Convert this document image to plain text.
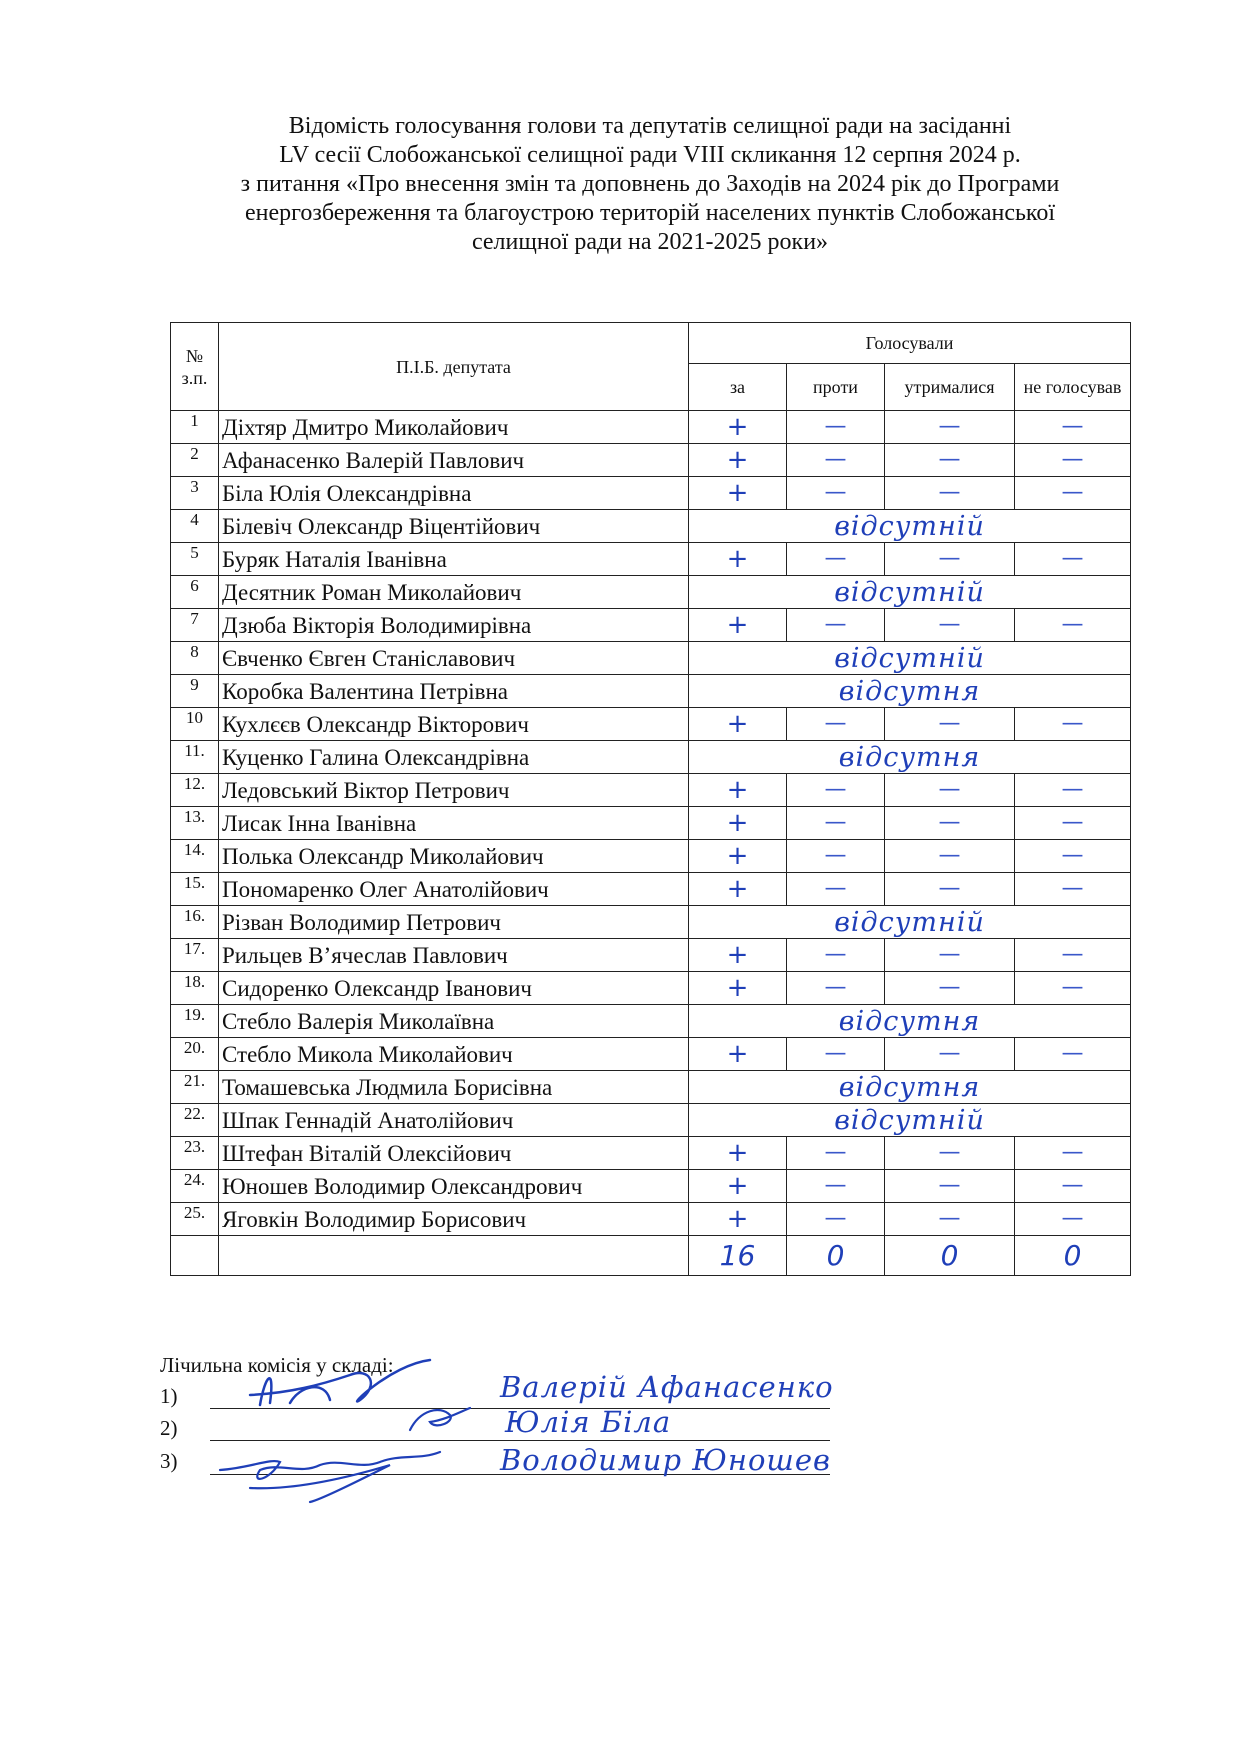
Відомість голосування голови та депутатів селищної ради на засіданні
LV сесії Слобожанської селищної ради VIII скликання 12 серпня 2024 р.
з питання «Про внесення змін та доповнень до Заходів на 2024 рік до Програми
енергозбереження та благоустрою територій населених пунктів Слобожанської
селищної ради на 2021-2025 роки»
№
з.п.	П.І.Б. депутата	Голосували			
		за	проти	утрималися	не голосував
1	Діхтяр Дмитро Миколайович	+	—	—	—
2	Афанасенко Валерій Павлович	+	—	—	—
3	Біла Юлія Олександрівна	+	—	—	—
4	Білевіч Олександр Віцентійович	відсутній			
5	Буряк Наталія Іванівна	+	—	—	—
6	Десятник Роман Миколайович	відсутній			
7	Дзюба Вікторія Володимирівна	+	—	—	—
8	Євченко Євген Станіславович	відсутній			
9	Коробка Валентина Петрівна	відсутня			
10	Кухлєєв Олександр Вікторович	+	—	—	—
11.	Куценко Галина Олександрівна	відсутня			
12.	Ледовський Віктор Петрович	+	—	—	—
13.	Лисак Інна Іванівна	+	—	—	—
14.	Полька Олександр Миколайович	+	—	—	—
15.	Пономаренко Олег Анатолійович	+	—	—	—
16.	Різван Володимир Петрович	відсутній			
17.	Рильцев В’ячеслав Павлович	+	—	—	—
18.	Сидоренко Олександр Іванович	+	—	—	—
19.	Стебло Валерія Миколаївна	відсутня			
20.	Стебло Микола Миколайович	+	—	—	—
21.	Томашевська Людмила Борисівна	відсутня			
22.	Шпак Геннадій Анатолійович	відсутній			
23.	Штефан Віталій Олексійович	+	—	—	—
24.	Юношев Володимир Олександрович	+	—	—	—
25.	Яговкін Володимир Борисович	+	—	—	—
		16	0	0	0
Лічильна комісія у складі:
1)	Валерій Афанасенко
2)	Юлія Біла
3)	Володимир Юношев
